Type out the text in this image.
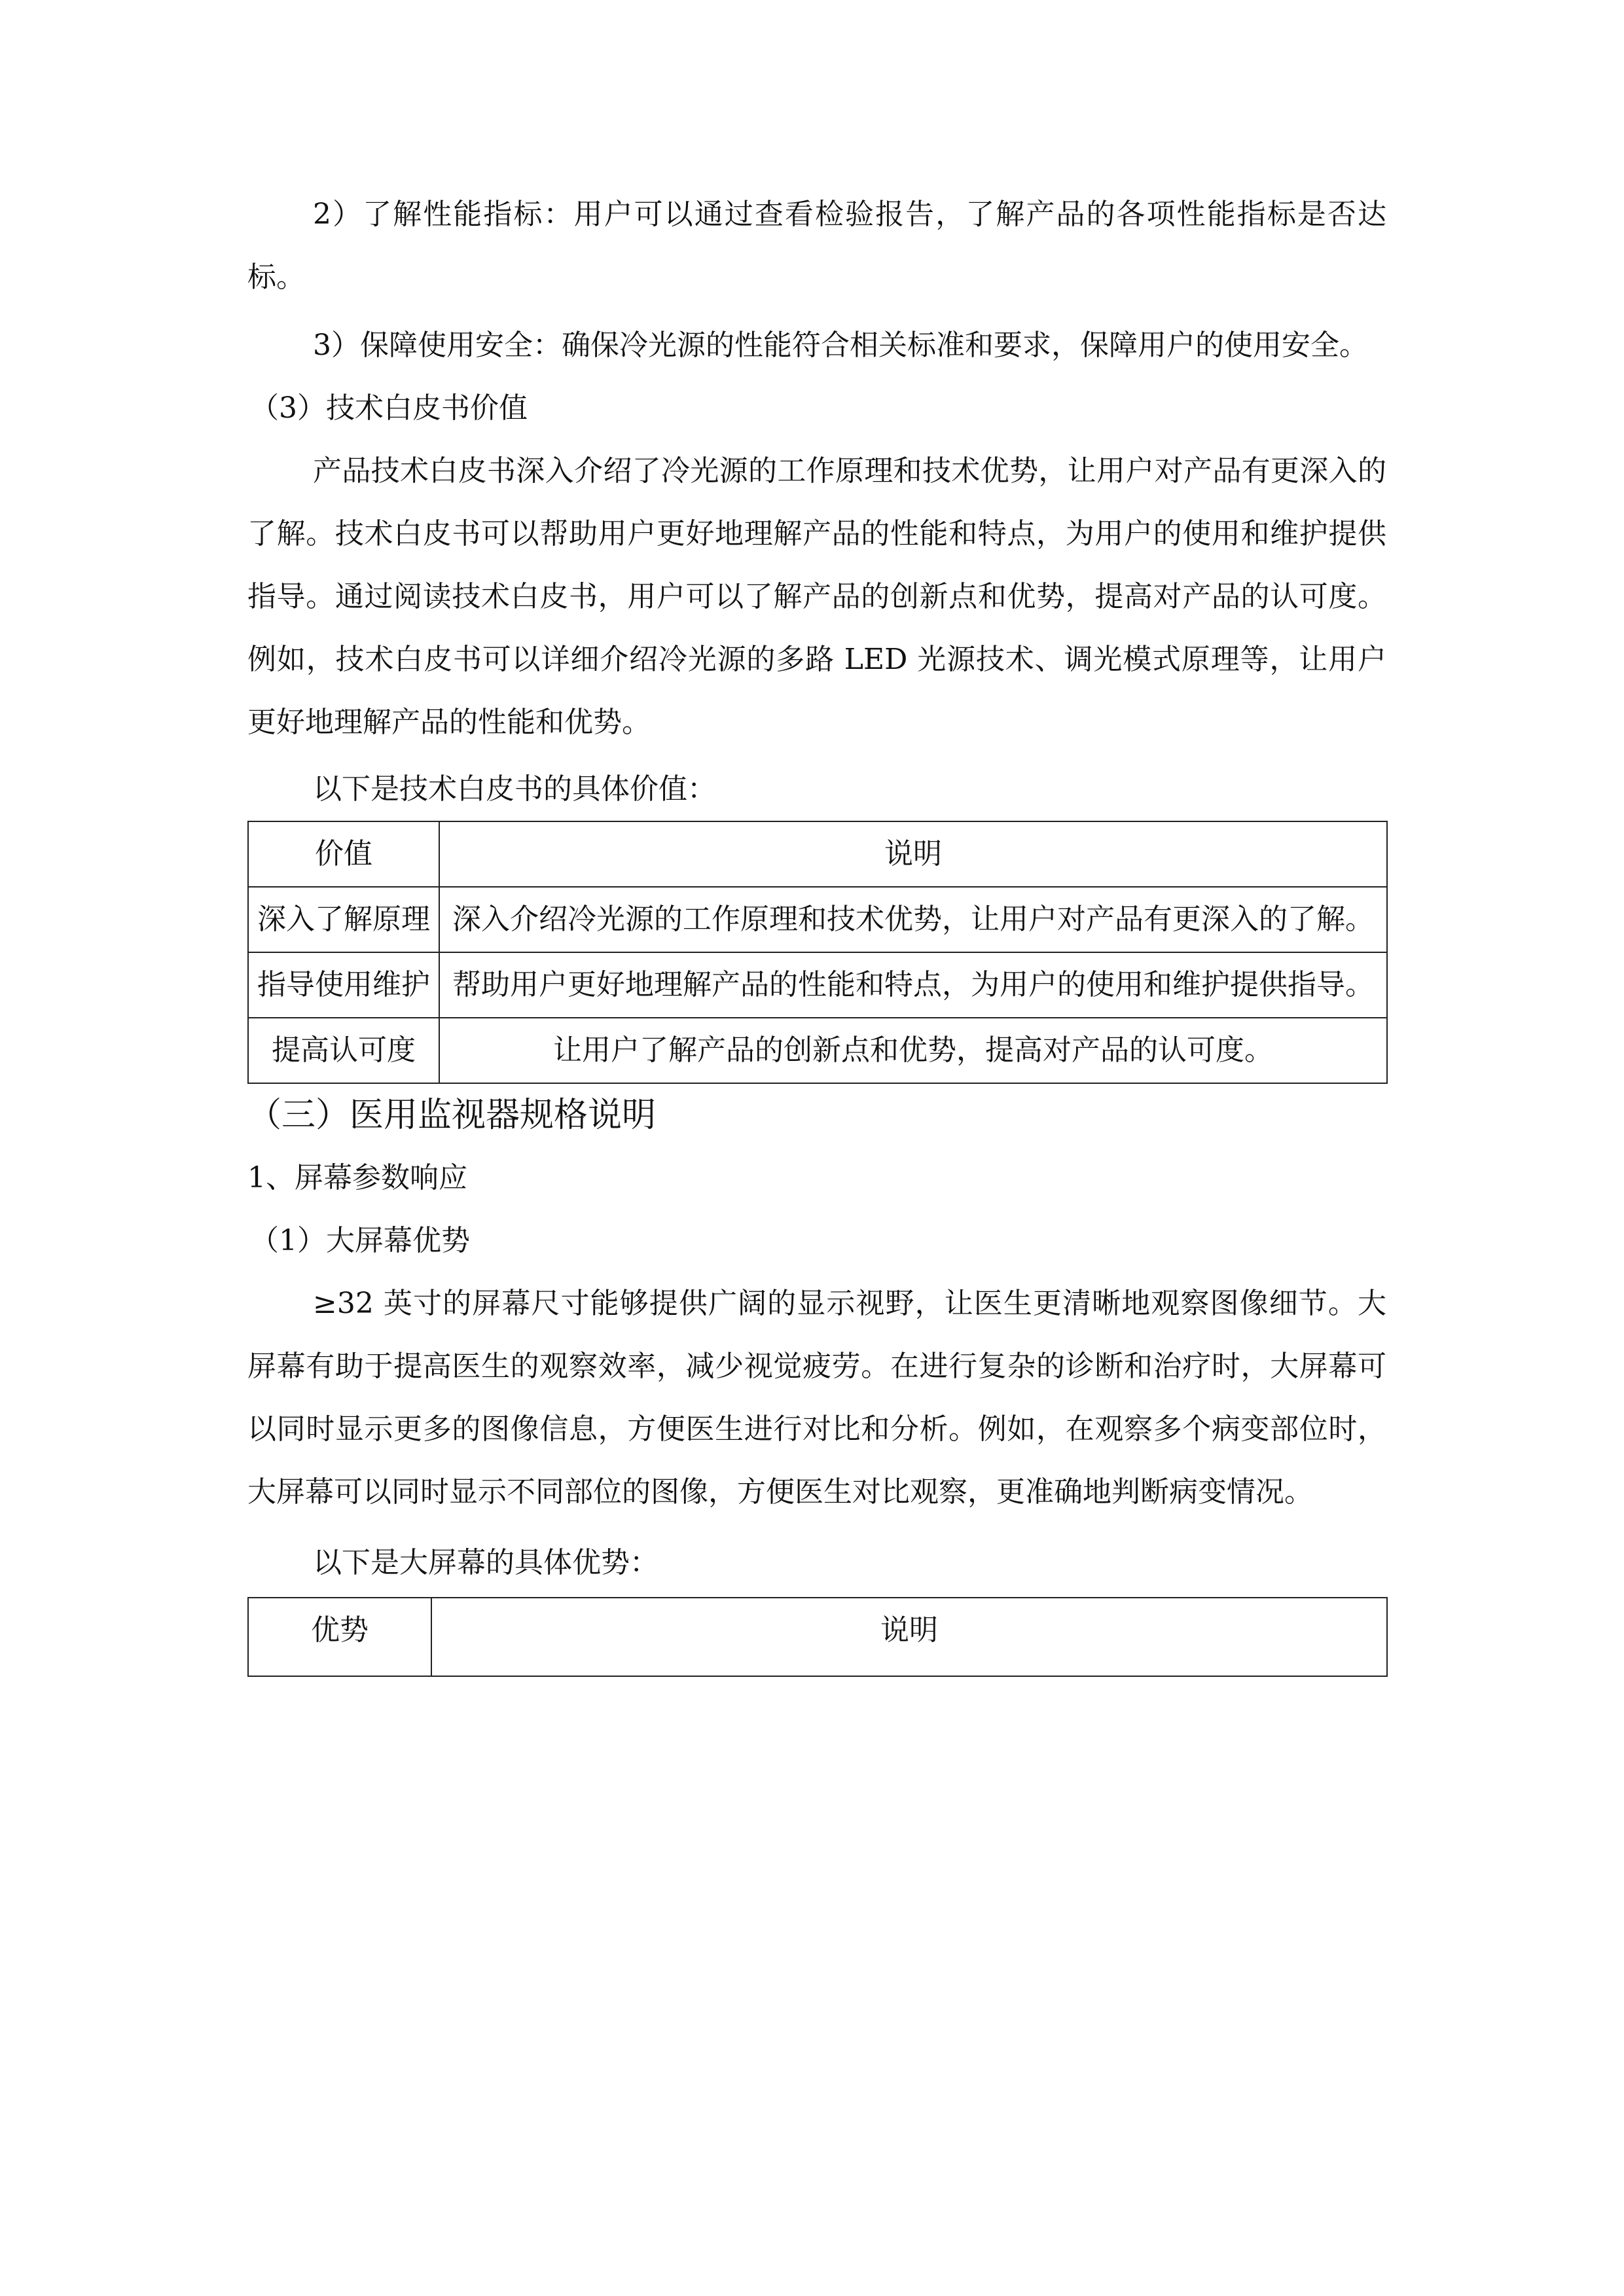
2）了解性能指标：用户可以通过查看检验报告，了解产品的各项性能指标是否达标。

3）保障使用安全：确保冷光源的性能符合相关标准和要求，保障用户的使用安全。

（3）技术白皮书价值

产品技术白皮书深入介绍了冷光源的工作原理和技术优势，让用户对产品有更深入的了解。技术白皮书可以帮助用户更好地理解产品的性能和特点，为用户的使用和维护提供指导。通过阅读技术白皮书，用户可以了解产品的创新点和优势，提高对产品的认可度。例如，技术白皮书可以详细介绍冷光源的多路 LED 光源技术、调光模式原理等，让用户更好地理解产品的性能和优势。

以下是技术白皮书的具体价值：

价值	说明
深入了解原理	深入介绍冷光源的工作原理和技术优势，让用户对产品有更深入的了解。
指导使用维护	帮助用户更好地理解产品的性能和特点，为用户的使用和维护提供指导。
提高认可度	让用户了解产品的创新点和优势，提高对产品的认可度。

（三）医用监视器规格说明

1、屏幕参数响应

（1）大屏幕优势

≥32 英寸的屏幕尺寸能够提供广阔的显示视野，让医生更清晰地观察图像细节。大屏幕有助于提高医生的观察效率，减少视觉疲劳。在进行复杂的诊断和治疗时，大屏幕可以同时显示更多的图像信息，方便医生进行对比和分析。例如，在观察多个病变部位时，大屏幕可以同时显示不同部位的图像，方便医生对比观察，更准确地判断病变情况。

以下是大屏幕的具体优势：

优势	说明
